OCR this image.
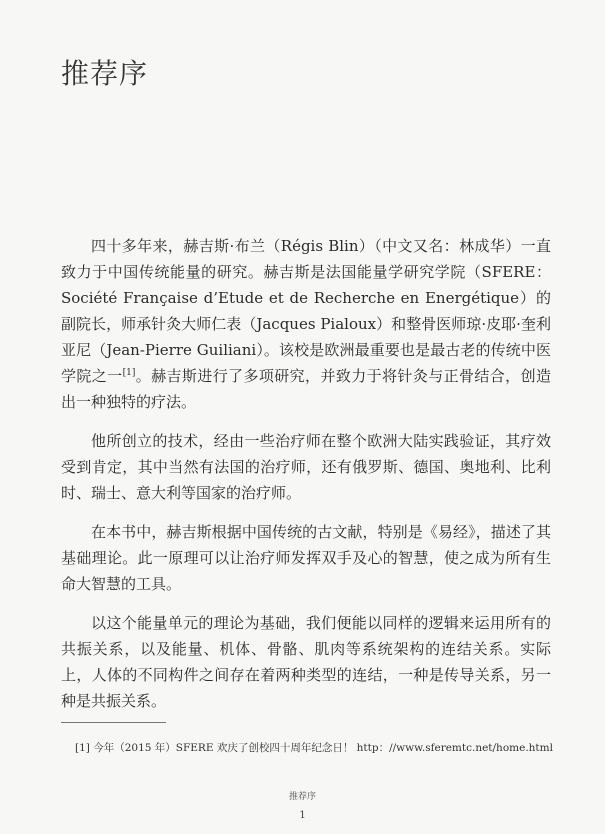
推荐序

四十多年来，赫吉斯·布兰（Régis Blin）（中文又名：林成华）一直致力于中国传统能量的研究。赫吉斯是法国能量学研究学院（SFERE：Société Française d’Etude et de Recherche en Energétique）的副院长，师承针灸大师仁表（Jacques Pialoux）和整骨医师琼·皮耶·奎利亚尼（Jean-Pierre Guiliani）。该校是欧洲最重要也是最古老的传统中医学院之一[1]。赫吉斯进行了多项研究，并致力于将针灸与正骨结合，创造出一种独特的疗法。

他所创立的技术，经由一些治疗师在整个欧洲大陆实践验证，其疗效受到肯定，其中当然有法国的治疗师，还有俄罗斯、德国、奥地利、比利时、瑞士、意大利等国家的治疗师。

在本书中，赫吉斯根据中国传统的古文献，特别是《易经》，描述了其基础理论。此一原理可以让治疗师发挥双手及心的智慧，使之成为所有生命大智慧的工具。

以这个能量单元的理论为基础，我们便能以同样的逻辑来运用所有的共振关系，以及能量、机体、骨骼、肌肉等系统架构的连结关系。实际上，人体的不同构件之间存在着两种类型的连结，一种是传导关系，另一种是共振关系。

[1] 今年（2015 年）SFERE 欢庆了创校四十周年纪念日！ http：//www.sferemtc.net/home.html
推荐序
1
